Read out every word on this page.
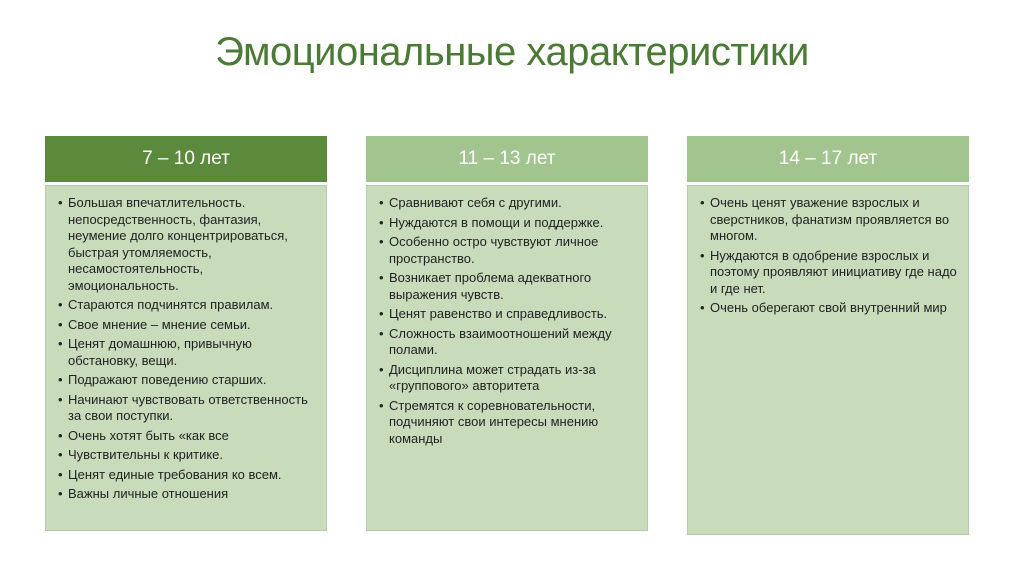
Эмоциональные характеристики
7 – 10 лет
• Большая впечатлительность. непосредственность, фантазия, неумение долго концентрироваться, быстрая утомляемость, несамостоятельность, эмоциональность.
• Стараются подчинятся правилам.
• Свое мнение – мнение семьи.
• Ценят домашнюю, привычную обстановку, вещи.
• Подражают поведению старших.
• Начинают чувствовать ответственность за свои поступки.
• Очень хотят быть «как все
• Чувствительны к критике.
• Ценят единые требования ко всем.
• Важны личные отношения
11 – 13 лет
• Сравнивают себя с другими.
• Нуждаются в помощи и поддержке.
• Особенно остро чувствуют личное пространство.
• Возникает проблема адекватного выражения чувств.
• Ценят равенство и справедливость.
• Сложность взаимоотношений между полами.
• Дисциплина может страдать из-за «группового» авторитета
• Стремятся к соревновательности, подчиняют свои интересы мнению команды
14 – 17 лет
• Очень ценят уважение взрослых и сверстников, фанатизм проявляется во многом.
• Нуждаются в одобрение взрослых и поэтому проявляют инициативу где надо и где нет.
• Очень оберегают свой внутренний мир
